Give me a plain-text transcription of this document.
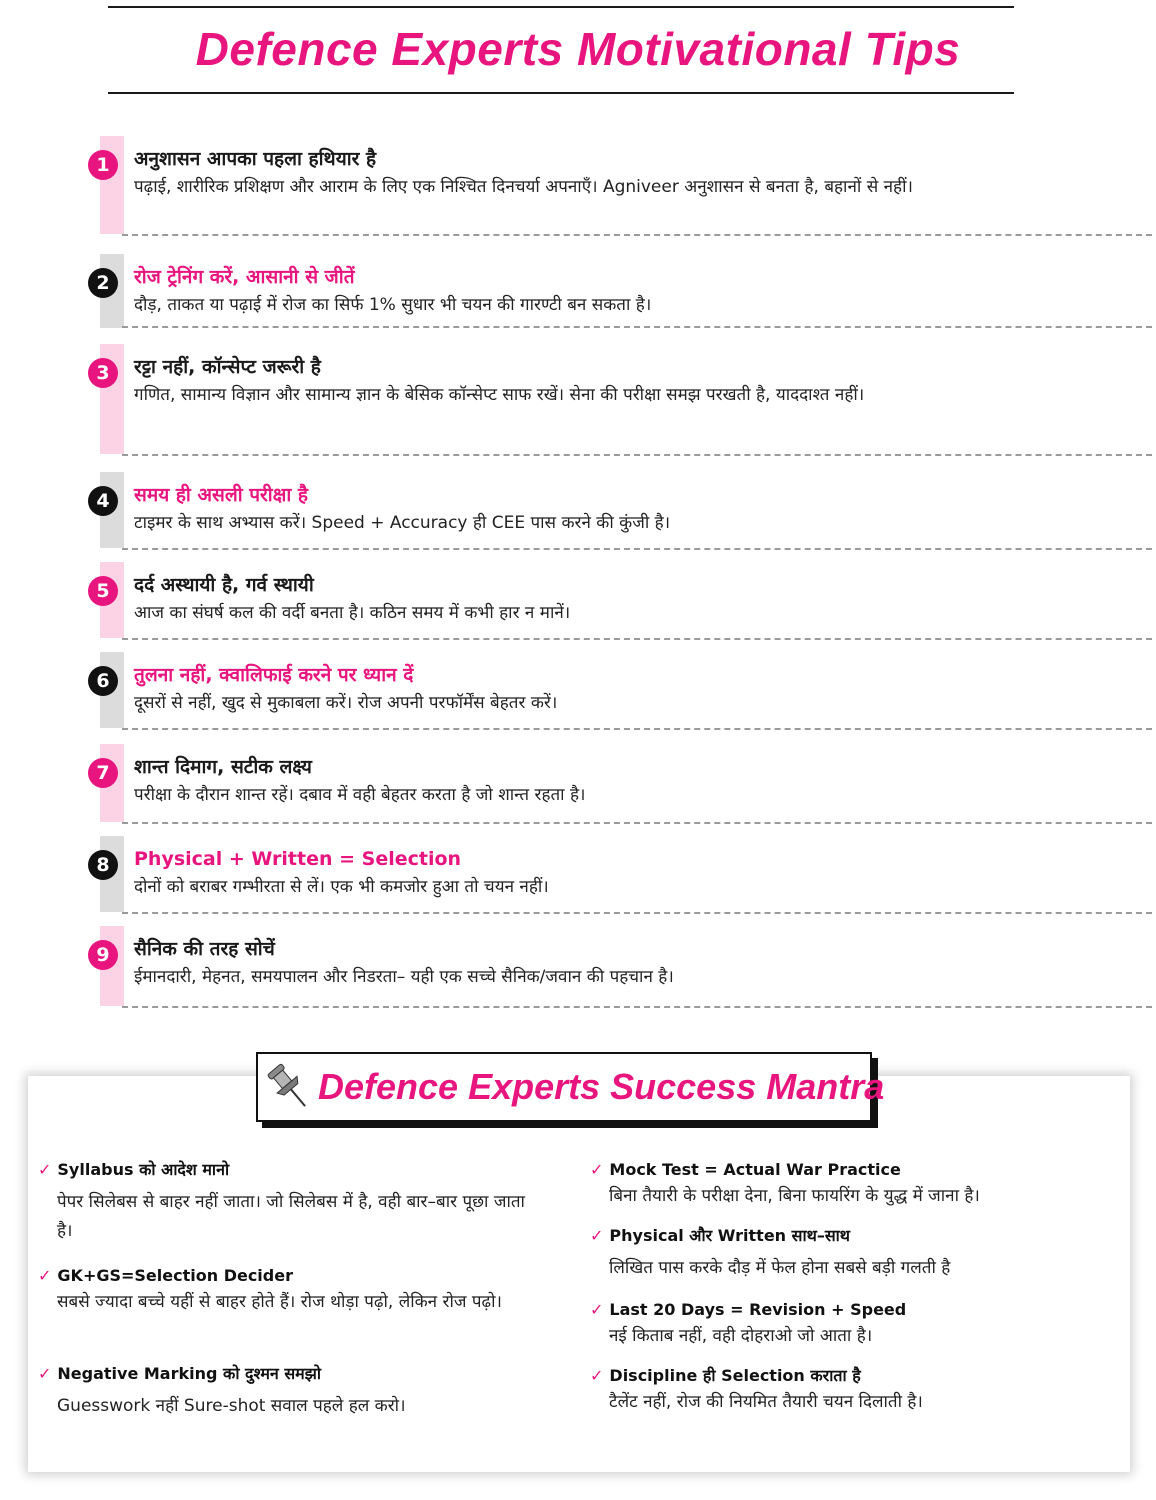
Defence Experts Motivational Tips
1	अनुशासन आपका पहला हथियार है
पढ़ाई, शारीरिक प्रशिक्षण और आराम के लिए एक निश्चित दिनचर्या अपनाएँ। Agniveer अनुशासन से बनता है, बहानों से नहीं।
2	रोज ट्रेनिंग करें, आसानी से जीतें
दौड़, ताकत या पढ़ाई में रोज का सिर्फ 1% सुधार भी चयन की गारण्टी बन सकता है।
3	रट्टा नहीं, कॉन्सेप्ट जरूरी है
गणित, सामान्य विज्ञान और सामान्य ज्ञान के बेसिक कॉन्सेप्ट साफ रखें। सेना की परीक्षा समझ परखती है, याददाश्त नहीं।
4	समय ही असली परीक्षा है
टाइमर के साथ अभ्यास करें। Speed + Accuracy ही CEE पास करने की कुंजी है।
5	दर्द अस्थायी है, गर्व स्थायी
आज का संघर्ष कल की वर्दी बनता है। कठिन समय में कभी हार न मानें।
6	तुलना नहीं, क्वालिफाई करने पर ध्यान दें
दूसरों से नहीं, खुद से मुकाबला करें। रोज अपनी परफॉर्मेंस बेहतर करें।
7	शान्त दिमाग, सटीक लक्ष्य
परीक्षा के दौरान शान्त रहें। दबाव में वही बेहतर करता है जो शान्त रहता है।
8	Physical + Written = Selection
दोनों को बराबर गम्भीरता से लें। एक भी कमजोर हुआ तो चयन नहीं।
9	सैनिक की तरह सोचें
ईमानदारी, मेहनत, समयपालन और निडरता– यही एक सच्चे सैनिक/जवान की पहचान है।
Defence Experts Success Mantra
✓ Syllabus को आदेश मानो
पेपर सिलेबस से बाहर नहीं जाता। जो सिलेबस में है, वही बार–बार पूछा जाता है।
✓ GK+GS=Selection Decider
सबसे ज्यादा बच्चे यहीं से बाहर होते हैं। रोज थोड़ा पढ़ो, लेकिन रोज पढ़ो।
✓ Negative Marking को दुश्मन समझो
Guesswork नहीं Sure-shot सवाल पहले हल करो।
✓ Mock Test = Actual War Practice
बिना तैयारी के परीक्षा देना, बिना फायरिंग के युद्ध में जाना है।
✓ Physical और Written साथ–साथ
लिखित पास करके दौड़ में फेल होना सबसे बड़ी गलती है
✓ Last 20 Days = Revision + Speed
नई किताब नहीं, वही दोहराओ जो आता है।
✓ Discipline ही Selection कराता है
टैलेंट नहीं, रोज की नियमित तैयारी चयन दिलाती है।
